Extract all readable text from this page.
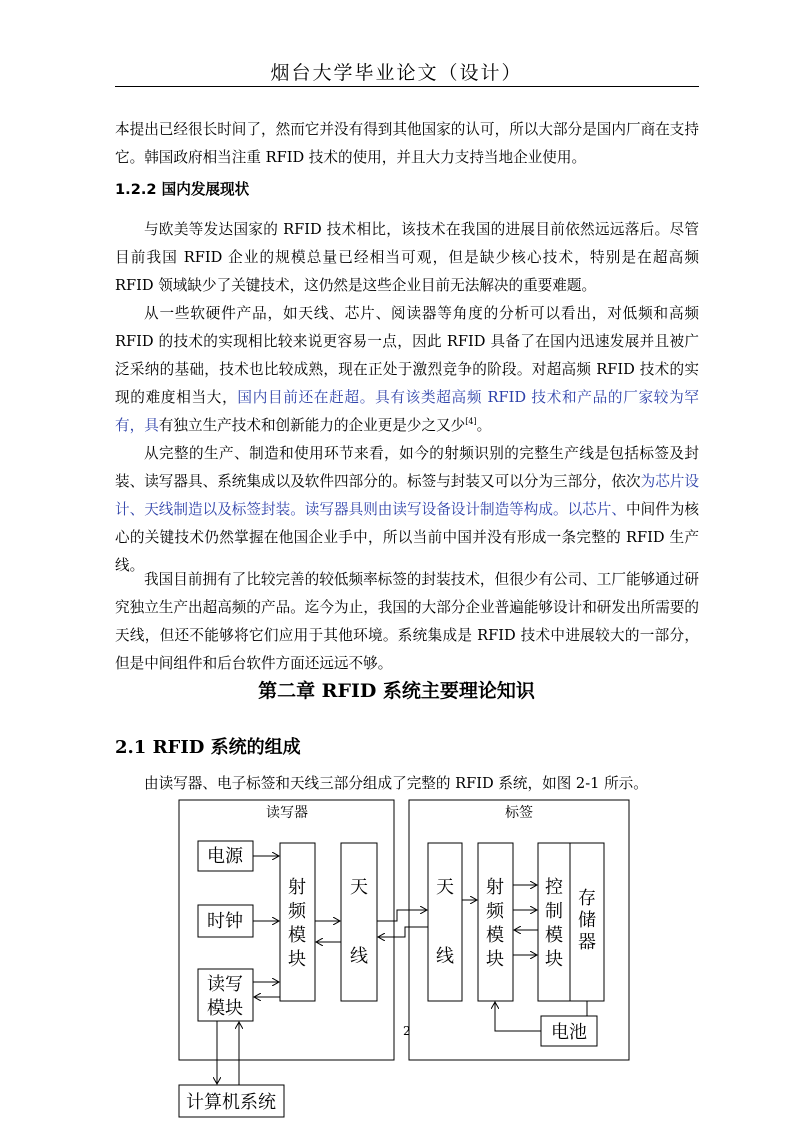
烟台大学毕业论文（设计）
本提出已经很长时间了，然而它并没有得到其他国家的认可，所以大部分是国内厂商在支持它。韩国政府相当注重 RFID 技术的使用，并且大力支持当地企业使用。
1.2.2 国内发展现状
与欧美等发达国家的 RFID 技术相比，该技术在我国的进展目前依然远远落后。尽管目前我国 RFID 企业的规模总量已经相当可观，但是缺少核心技术，特别是在超高频 RFID 领域缺少了关键技术，这仍然是这些企业目前无法解决的重要难题。
从一些软硬件产品，如天线、芯片、阅读器等角度的分析可以看出，对低频和高频 RFID 的技术的实现相比较来说更容易一点，因此 RFID 具备了在国内迅速发展并且被广泛采纳的基础，技术也比较成熟，现在正处于激烈竞争的阶段。对超高频 RFID 技术的实现的难度相当大，国内目前还在赶超。具有该类超高频 RFID 技术和产品的厂家较为罕有，具有独立生产技术和创新能力的企业更是少之又少[4]。
从完整的生产、制造和使用环节来看，如今的射频识别的完整生产线是包括标签及封装、读写器具、系统集成以及软件四部分的。标签与封装又可以分为三部分，依次为芯片设计、天线制造以及标签封装。读写器具则由读写设备设计制造等构成。以芯片、中间件为核心的关键技术仍然掌握在他国企业手中，所以当前中国并没有形成一条完整的 RFID 生产线。
我国目前拥有了比较完善的较低频率标签的封装技术，但很少有公司、工厂能够通过研究独立生产出超高频的产品。迄今为止，我国的大部分企业普遍能够设计和研发出所需要的天线，但还不能够将它们应用于其他环境。系统集成是 RFID 技术中进展较大的一部分，但是中间组件和后台软件方面还远远不够。
第二章 RFID 系统主要理论知识
2.1 RFID 系统的组成
由读写器、电子标签和天线三部分组成了完整的 RFID 系统，如图 2-1 所示。
读写器	标签
电源
时钟
读写
模块
射
频
模
块
天
线
天
线
射
频
模
块
控
制
模
块
存
储
器
电池
计算机系统
2
